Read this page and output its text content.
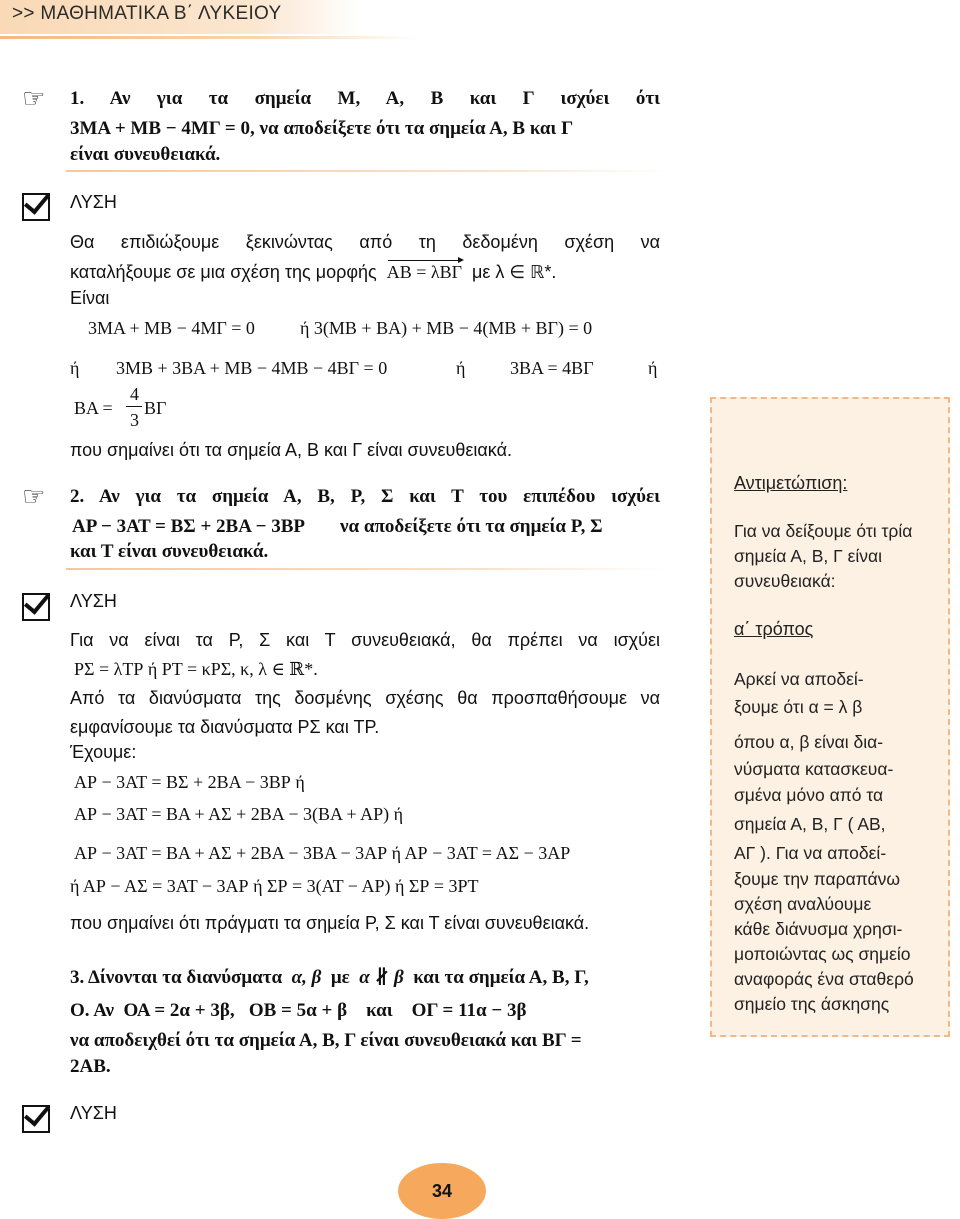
>> ΜΑΘΗΜΑΤΙΚΑ Β΄ ΛΥΚΕΙΟΥ
☞ 1. Αν για τα σημεία Μ, Α, Β και Γ ισχύει ότι
3ΜΑ + ΜΒ − 4ΜΓ = 0, να αποδείξετε ότι τα σημεία Α, Β και Γ
είναι συνευθειακά.
ΛΥΣΗ
Θα επιδιώξουμε ξεκινώντας από τη δεδομένη σχέση να
καταλήξουμε σε μια σχέση της μορφής ΑΒ = λΒΓ με λ ∈ ℝ*.
Είναι
3ΜΑ + ΜΒ − 4ΜΓ = 0	ή 3(ΜΒ + ΒΑ) + ΜΒ − 4(ΜΒ + ΒΓ) = 0
ή 3ΜΒ + 3ΒΑ + ΜΒ − 4ΜΒ − 4ΒΓ = 0	ή 3ΒΑ = 4ΒΓ	ή
ΒΑ =
4
3
ΒΓ
που σημαίνει ότι τα σημεία Α, Β και Γ είναι συνευθειακά.
☞ 2. Αν για τα σημεία Α, Β, Ρ, Σ και Τ του επιπέδου ισχύει
ΑΡ − 3ΑΤ = ΒΣ + 2ΒΑ − 3ΒΡ να αποδείξετε ότι τα σημεία Ρ, Σ
και Τ είναι συνευθειακά.
ΛΥΣΗ
Για να είναι τα Ρ, Σ και Τ συνευθειακά, θα πρέπει να ισχύει
ΡΣ = λΤΡ ή ΡΤ = κΡΣ, κ, λ ∈ ℝ*.
Από τα διανύσματα της δοσμένης σχέσης θα προσπαθήσουμε να
εμφανίσουμε τα διανύσματα ΡΣ και ΤΡ.
Έχουμε:
ΑΡ − 3ΑΤ = ΒΣ + 2ΒΑ − 3ΒΡ ή
ΑΡ − 3ΑΤ = ΒΑ + ΑΣ + 2ΒΑ − 3(ΒΑ + ΑΡ) ή
ΑΡ − 3ΑΤ = ΒΑ + ΑΣ + 2ΒΑ − 3ΒΑ − 3ΑΡ ή ΑΡ − 3ΑΤ = ΑΣ − 3ΑΡ
ή ΑΡ − ΑΣ = 3ΑΤ − 3ΑΡ ή ΣΡ = 3(ΑΤ − ΑΡ) ή ΣΡ = 3ΡΤ
που σημαίνει ότι πράγματι τα σημεία Ρ, Σ και Τ είναι συνευθειακά.
3. Δίνονται τα διανύσματα α, β με α ∦ β και τα σημεία Α, Β, Γ,
Ο. Αν ΟΑ = 2α + 3β, ΟΒ = 5α + β και ΟΓ = 11α − 3β
να αποδειχθεί ότι τα σημεία Α, Β, Γ είναι συνευθειακά και ΒΓ =
2ΑΒ.
ΛΥΣΗ
Αντιμετώπιση:
Για να δείξουμε ότι τρία σημεία Α, Β, Γ είναι συνευθειακά:
α΄ τρόπος
Αρκεί να αποδεί-
ξουμε ότι α = λ β
όπου α, β είναι δια-
νύσματα κατασκευα-
σμένα μόνο από τα
σημεία Α, Β, Γ ( ΑΒ,
ΑΓ ). Για να αποδεί-
ξουμε την παραπάνω
σχέση αναλύουμε
κάθε διάνυσμα χρησι-
μοποιώντας ως σημείο
αναφοράς ένα σταθερό
σημείο της άσκησης
34
